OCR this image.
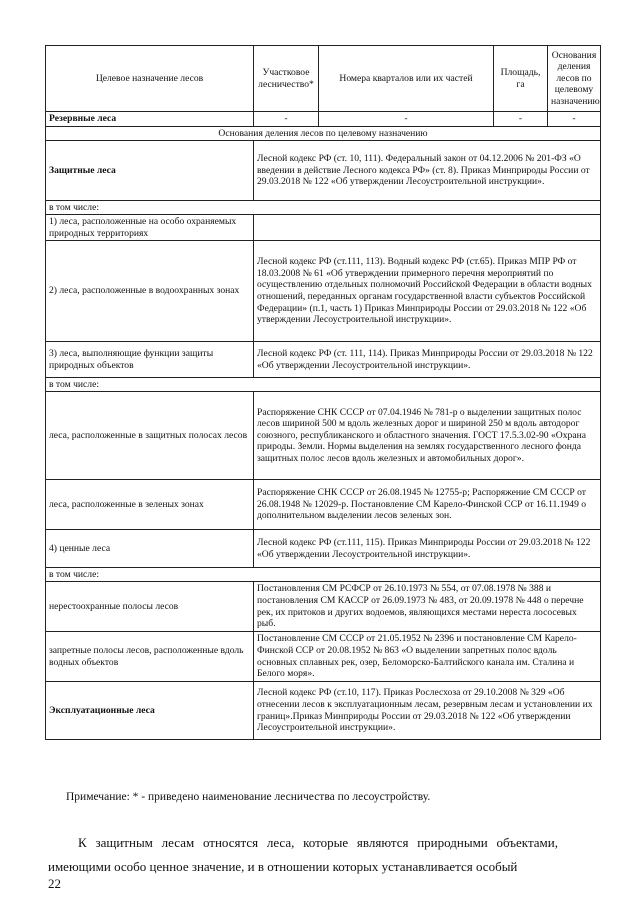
Целевое назначение лесов	Участковое лесничество*	Номера кварталов или их частей	Площадь, га	Основания деления лесов по целевому назначению
Резервные леса	-	-	-	-
Основания деления лесов по целевому назначению				
Защитные леса	Лесной кодекс РФ (ст. 10, 111). Федеральный закон от 04.12.2006 № 201-ФЗ «О введении в действие Лесного кодекса РФ» (ст. 8). Приказ Минприроды России от 29.03.2018 № 122 «Об утверждении Лесоустроительной инструкции».			
в том числе:				
1) леса, расположенные на особо охраняемых природных территориях				
2) леса, расположенные в водоохранных зонах	Лесной кодекс РФ (ст.111, 113). Водный кодекс РФ (ст.65). Приказ МПР РФ от 18.03.2008 № 61 «Об утверждении примерного перечня мероприятий по осуществлению отдельных полномочий Российской Федерации в области водных отношений, переданных органам государственной власти субъектов Российской Федерации» (п.1, часть 1) Приказ Минприроды России от 29.03.2018 № 122 «Об утверждении Лесоустроительной инструкции».			
3) леса, выполняющие функции защиты природных объектов	Лесной кодекс РФ (ст. 111, 114). Приказ Минприроды России от 29.03.2018 № 122 «Об утверждении Лесоустроительной инструкции».			
в том числе:				
леса, расположенные в защитных полосах лесов	Распоряжение СНК СССР от 07.04.1946 № 781-р о выделении защитных полос лесов шириной 500 м вдоль железных дорог и шириной 250 м вдоль автодорог союзного, республиканского и областного значения. ГОСТ 17.5.3.02-90 «Охрана природы. Земли. Нормы выделения на землях государственного лесного фонда защитных полос лесов вдоль железных и автомобильных дорог».			
леса, расположенные в зеленых зонах	Распоряжение СНК СССР от 26.08.1945 № 12755-р; Распоряжение СМ СССР от 26.08.1948 № 12029-р. Постановление СМ Карело-Финской ССР от 16.11.1949 о дополнительном выделении лесов зеленых зон.			
4) ценные леса	Лесной кодекс РФ (ст.111, 115). Приказ Минприроды России от 29.03.2018 № 122 «Об утверждении Лесоустроительной инструкции».			
в том числе:				
нерестоохранные полосы лесов	Постановления СМ РСФСР от 26.10.1973 № 554, от 07.08.1978 № 388 и постановления СМ КАССР от 26.09.1973 № 483, от 20.09.1978 № 448 о перечне рек, их притоков и других водоемов, являющихся местами нереста лососевых рыб.			
запретные полосы лесов, расположенные вдоль водных объектов	Постановление СМ СССР от 21.05.1952 № 2396 и постановление СМ Карело-Финской ССР от 20.08.1952 № 863 «О выделении запретных полос вдоль основных сплавных рек, озер, Беломорско-Балтийского канала им. Сталина и Белого моря».			
Эксплуатационные леса	Лесной кодекс РФ (ст.10, 117). Приказ Рослесхоза от 29.10.2008 № 329 «Об отнесении лесов к эксплуатационным лесам, резервным лесам и установлении их границ».Приказ Минприроды России от 29.03.2018 № 122 «Об утверждении Лесоустроительной инструкции».			
Примечание: * - приведено наименование лесничества по лесоустройству.
К защитным лесам относятся леса, которые являются природными объектами, имеющими особо ценное значение, и в отношении которых устанавливается особый
22
